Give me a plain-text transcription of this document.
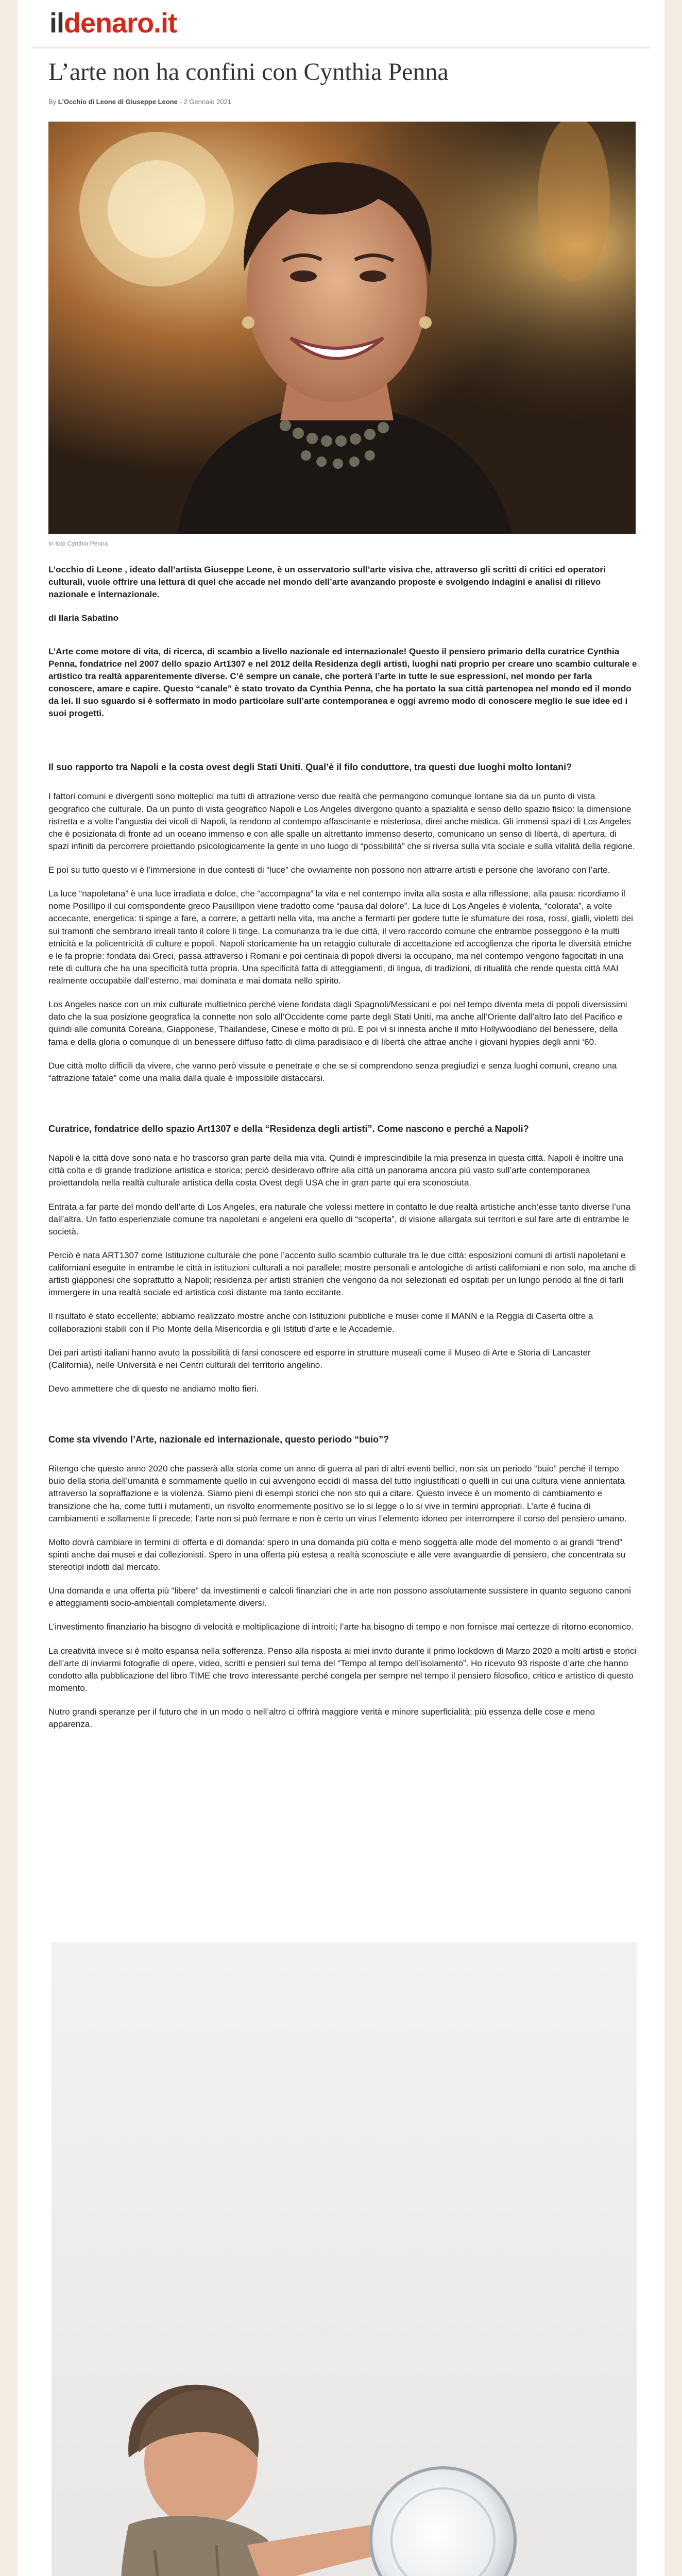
ildenaro.it
L’arte non ha confini con Cynthia Penna
By L'Occhio di Leone di Giuseppe Leone - 2 Gennaio 2021
In foto Cynthia Penna

L’occhio di Leone , ideato dall’artista Giuseppe Leone, è un osservatorio sull’arte visiva che, attraverso gli scritti di critici ed operatori culturali, vuole offrire una lettura di quel che accade nel mondo dell’arte avanzando proposte e svolgendo indagini e analisi di rilievo nazionale e internazionale.

di Ilaria Sabatino

L’Arte come motore di vita, di ricerca, di scambio a livello nazionale ed internazionale! Questo il pensiero primario della curatrice Cynthia Penna, fondatrice nel 2007 dello spazio Art1307 e nel 2012 della Residenza degli artisti, luoghi nati proprio per creare uno scambio culturale e artistico tra realtà apparentemente diverse. C’è sempre un canale, che porterà l’arte in tutte le sue espressioni, nel mondo per farla conoscere, amare e capire. Questo “canale” è stato trovato da Cynthia Penna, che ha portato la sua città partenopea nel mondo ed il mondo da lei. Il suo sguardo si è soffermato in modo particolare sull’arte contemporanea e oggi avremo modo di conoscere meglio le sue idee ed i suoi progetti.

Il suo rapporto tra Napoli e la costa ovest degli Stati Uniti. Qual’è il filo conduttore, tra questi due luoghi molto lontani?

I fattori comuni e divergenti sono molteplici ma tutti di attrazione verso due realtà che permangono comunque lontane sia da un punto di vista geografico che culturale. Da un punto di vista geografico Napoli e Los Angeles divergono quanto a spazialità e senso dello spazio fisico: la dimensione ristretta e a volte l’angustia dei vicoli di Napoli, la rendono al contempo affascinante e misteriosa, direi anche mistica. Gli immensi spazi di Los Angeles che è posizionata di fronte ad un oceano immenso e con alle spalle un altrettanto immenso deserto, comunicano un senso di libertà, di apertura, di spazi infiniti da percorrere proiettando psicologicamente la gente in uno luogo di “possibilità” che si riversa sulla vita sociale e sulla vitalità della regione.

E poi su tutto questo vi è l’immersione in due contesti di “luce” che ovviamente non possono non attrarre artisti e persone che lavorano con l’arte.

La luce “napoletana” è una luce irradiata e dolce, che “accompagna” la vita e nel contempo invita alla sosta e alla riflessione, alla pausa: ricordiamo il nome Posillipo il cui corrispondente greco Pausillipon viene tradotto come “pausa dal dolore”. La luce di Los Angeles è violenta, “colorata”, a volte accecante, energetica: ti spinge a fare, a correre, a gettarti nella vita, ma anche a fermarti per godere tutte le sfumature dei rosa, rossi, gialli, violetti dei sui tramonti che sembrano irreali tanto il colore li tinge. La comunanza tra le due città, il vero raccordo comune che entrambe posseggono è la multi etnicità e la policentricità di culture e popoli. Napoli storicamente ha un retaggio culturale di accettazione ed accoglienza che riporta le diversità etniche e le fa proprie: fondata dai Greci, passa attraverso i Romani e poi centinaia di popoli diversi la occupano, ma nel contempo vengono fagocitati in una rete di cultura che ha una specificità tutta propria. Una specificità fatta di atteggiamenti, di lingua, di tradizioni, di ritualità che rende questa città MAI realmente occupabile dall’esterno, mai dominata e mai domata nello spirito.

Los Angeles nasce con un mix culturale multietnico perché viene fondata dagli Spagnoli/Messicani e poi nel tempo diventa meta di popoli diversissimi dato che la sua posizione geografica la connette non solo all’Occidente come parte degli Stati Uniti, ma anche all’Oriente dall’altro lato del Pacifico e quindi alle comunità Coreana, Giapponese, Thailandese, Cinese e molto di più. E poi vi si innesta anche il mito Hollywoodiano del benessere, della fama e della gloria o comunque di un benessere diffuso fatto di clima paradisiaco e di libertà che attrae anche i giovani hyppies degli anni ‘60.

Due città molto difficili da vivere, che vanno però vissute e penetrate e che se si comprendono senza pregiudizi e senza luoghi comuni, creano una “attrazione fatale” come una malia dalla quale è impossibile distaccarsi.

Curatrice, fondatrice dello spazio Art1307 e della “Residenza degli artisti”. Come nascono e perché a Napoli?

Napoli è la città dove sono nata e ho trascorso gran parte della mia vita. Quindi è imprescindibile la mia presenza in questa città. Napoli è inoltre una città colta e di grande tradizione artistica e storica; perciò desideravo offrire alla città un panorama ancora più vasto sull’arte contemporanea proiettandola nella realtà culturale artistica della costa Ovest degli USA che in gran parte qui era sconosciuta.

Entrata a far parte del mondo dell’arte di Los Angeles, era naturale che volessi mettere in contatto le due realtà artistiche anch’esse tanto diverse l’una dall’altra. Un fatto esperienziale comune tra napoletani e angeleni era quello di “scoperta”, di visione allargata sui territori e sul fare arte di entrambe le società.

Perciò è nata ART1307 come Istituzione culturale che pone l’accento sullo scambio culturale tra le due città: esposizioni comuni di artisti napoletani e californiani eseguite in entrambe le città in istituzioni culturali a noi parallele; mostre personali e antologiche di artisti californiani e non solo, ma anche di artisti giapponesi che soprattutto a Napoli; residenza per artisti stranieri che vengono da noi selezionati ed ospitati per un lungo periodo al fine di farli immergere in una realtà sociale ed artistica così distante ma tanto eccitante.

Il risultato è stato eccellente; abbiamo realizzato mostre anche con Istituzioni pubbliche e musei come il MANN e la Reggia di Caserta oltre a collaborazioni stabili con il Pio Monte della Misericordia e gli Istituti d’arte e le Accademie.

Dei pari artisti italiani hanno avuto la possibilità di farsi conoscere ed esporre in strutture museali come il Museo di Arte e Storia di Lancaster (California), nelle Università e nei Centri culturali del territorio angelino.

Devo ammettere che di questo ne andiamo molto fieri.

Come sta vivendo l’Arte, nazionale ed internazionale, questo periodo “buio”?

Ritengo che questo anno 2020 che passerà alla storia come un anno di guerra al pari di altri eventi bellici, non sia un periodo “buio” perché il tempo buio della storia dell’umanità è sommamente quello in cui avvengono eccidi di massa del tutto ingiustificati o quelli in cui una cultura viene annientata attraverso la sopraffazione e la violenza. Siamo pieni di esempi storici che non sto qui a citare. Questo invece è un momento di cambiamento e transizione che ha, come tutti i mutamenti, un risvolto enormemente positivo se lo si legge o lo si vive in termini appropriati. L’arte è fucina di cambiamenti e sollamente li precede; l’arte non si può fermare e non è certo un virus l’elemento idoneo per interrompere il corso del pensiero umano.

Molto dovrà cambiare in termini di offerta e di domanda: spero in una domanda più colta e meno soggetta alle mode del momento o ai grandi “trend” spinti anche dai musei e dai collezionisti. Spero in una offerta più estesa a realtà sconosciute e alle vere avanguardie di pensiero, che concentrata su stereotipi indotti dal mercato.

Una domanda e una offerta più “libere” da investimenti e calcoli finanziari che in arte non possono assolutamente sussistere in quanto seguono canoni e atteggiamenti socio-ambientali completamente diversi.

L’investimento finanziario ha bisogno di velocità e moltiplicazione di introiti; l’arte ha bisogno di tempo e non fornisce mai certezze di ritorno economico.

La creatività invece si è molto espansa nella sofferenza. Penso alla risposta ai miei invito durante il primo lockdown di Marzo 2020 a molti artisti e storici dell’arte di inviarmi fotografie di opere, video, scritti e pensieri sul tema del “Tempo al tempo dell’isolamento”. Ho ricevuto 93 risposte d’arte che hanno condotto alla pubblicazione del libro TIME che trovo interessante perché congela per sempre nel tempo il pensiero filosofico, critico e artistico di questo momento.

Nutro grandi speranze per il futuro che in un modo o nell’altro ci offrirà maggiore verità e minore superficialità; più essenza delle cose e meno apparenza.
